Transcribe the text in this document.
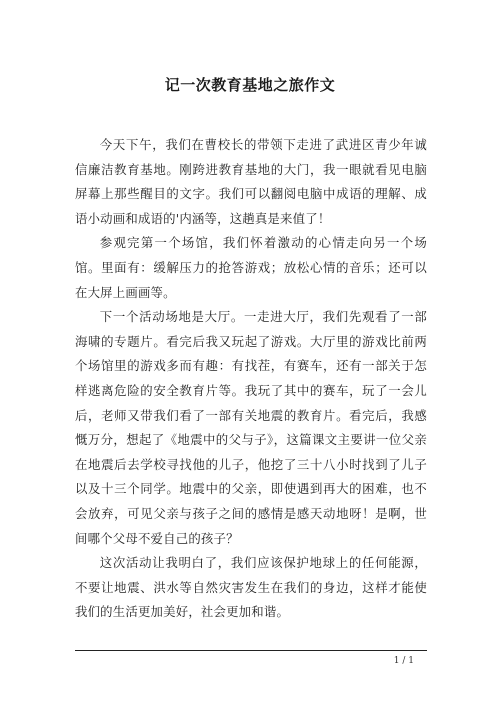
记一次教育基地之旅作文

今天下午，我们在曹校长的带领下走进了武进区青少年诚信廉洁教育基地。刚跨进教育基地的大门，我一眼就看见电脑屏幕上那些醒目的文字。我们可以翻阅电脑中成语的理解、成语小动画和成语的'内涵等，这趟真是来值了！

参观完第一个场馆，我们怀着激动的心情走向另一个场馆。里面有：缓解压力的抢答游戏；放松心情的音乐；还可以在大屏上画画等。

下一个活动场地是大厅。一走进大厅，我们先观看了一部海啸的专题片。看完后我又玩起了游戏。大厅里的游戏比前两个场馆里的游戏多而有趣：有找茬，有赛车，还有一部关于怎样逃离危险的安全教育片等。我玩了其中的赛车，玩了一会儿后，老师又带我们看了一部有关地震的教育片。看完后，我感慨万分，想起了《地震中的父与子》，这篇课文主要讲一位父亲在地震后去学校寻找他的儿子，他挖了三十八小时找到了儿子以及十三个同学。地震中的父亲，即使遇到再大的困难，也不会放弃，可见父亲与孩子之间的感情是感天动地呀！是啊，世间哪个父母不爱自己的孩子？

这次活动让我明白了，我们应该保护地球上的任何能源，不要让地震、洪水等自然灾害发生在我们的身边，这样才能使我们的生活更加美好，社会更加和谐。

1 / 1
